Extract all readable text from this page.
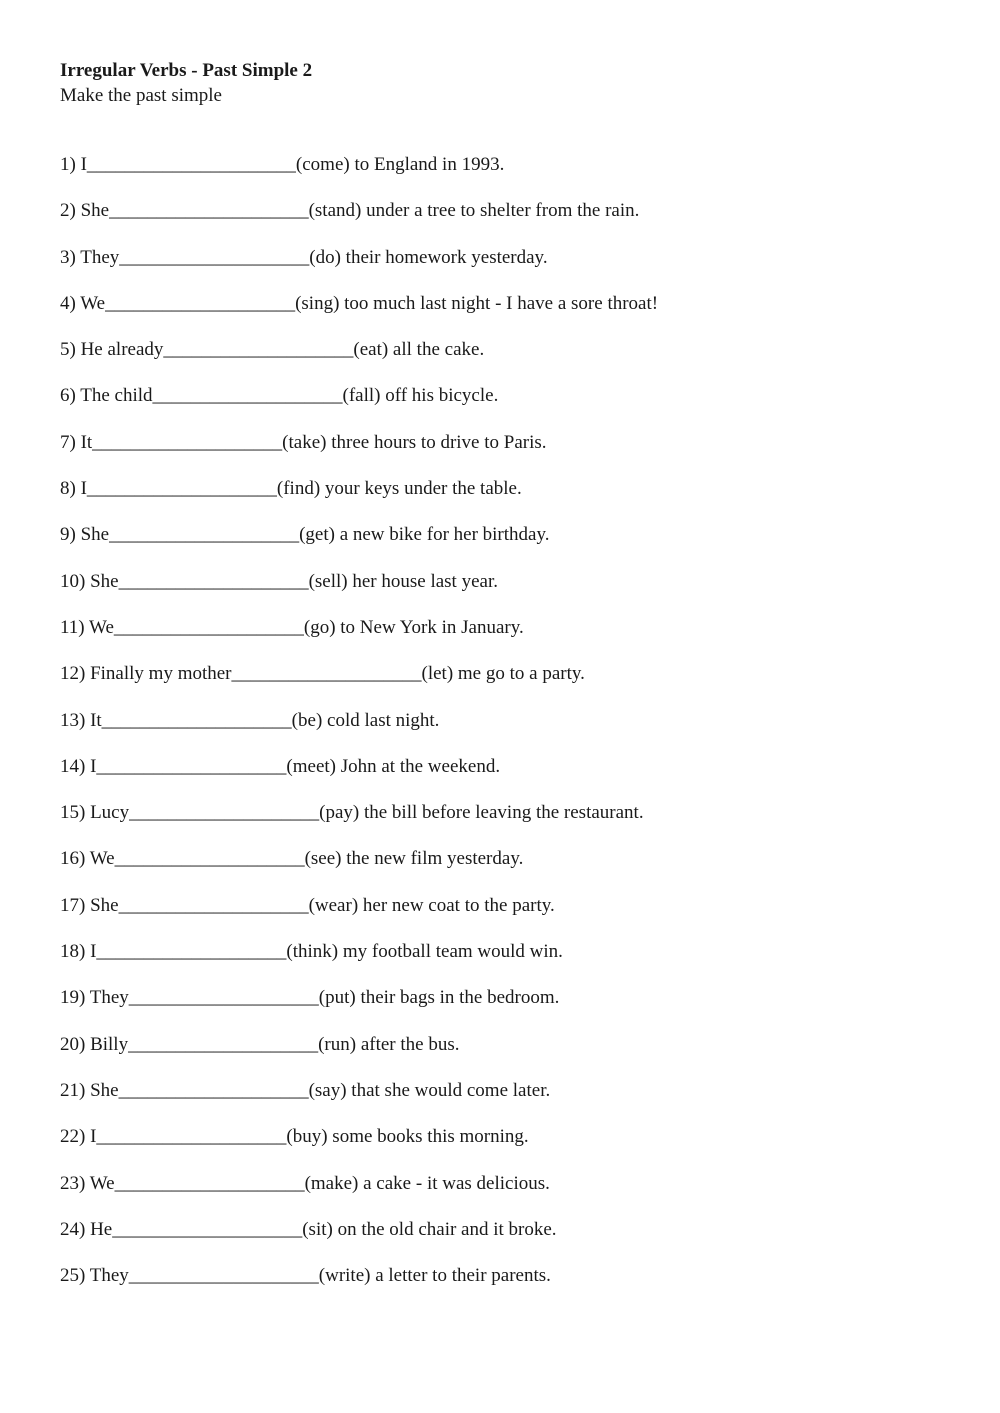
Irregular Verbs - Past Simple 2

Make the past simple

1) I______________________(come) to England in 1993.
2) She_____________________(stand) under a tree to shelter from the rain.
3) They____________________(do) their homework yesterday.
4) We____________________(sing) too much last night - I have a sore throat!
5) He already____________________(eat) all the cake.
6) The child____________________(fall) off his bicycle.
7) It____________________(take) three hours to drive to Paris.
8) I____________________(find) your keys under the table.
9) She____________________(get) a new bike for her birthday.
10) She____________________(sell) her house last year.
11) We____________________(go) to New York in January.
12) Finally my mother____________________(let) me go to a party.
13) It____________________(be) cold last night.
14) I____________________(meet) John at the weekend.
15) Lucy____________________(pay) the bill before leaving the restaurant.
16) We____________________(see) the new film yesterday.
17) She____________________(wear) her new coat to the party.
18) I____________________(think) my football team would win.
19) They____________________(put) their bags in the bedroom.
20) Billy____________________(run) after the bus.
21) She____________________(say) that she would come later.
22) I____________________(buy) some books this morning.
23) We____________________(make) a cake - it was delicious.
24) He____________________(sit) on the old chair and it broke.
25) They____________________(write) a letter to their parents.
